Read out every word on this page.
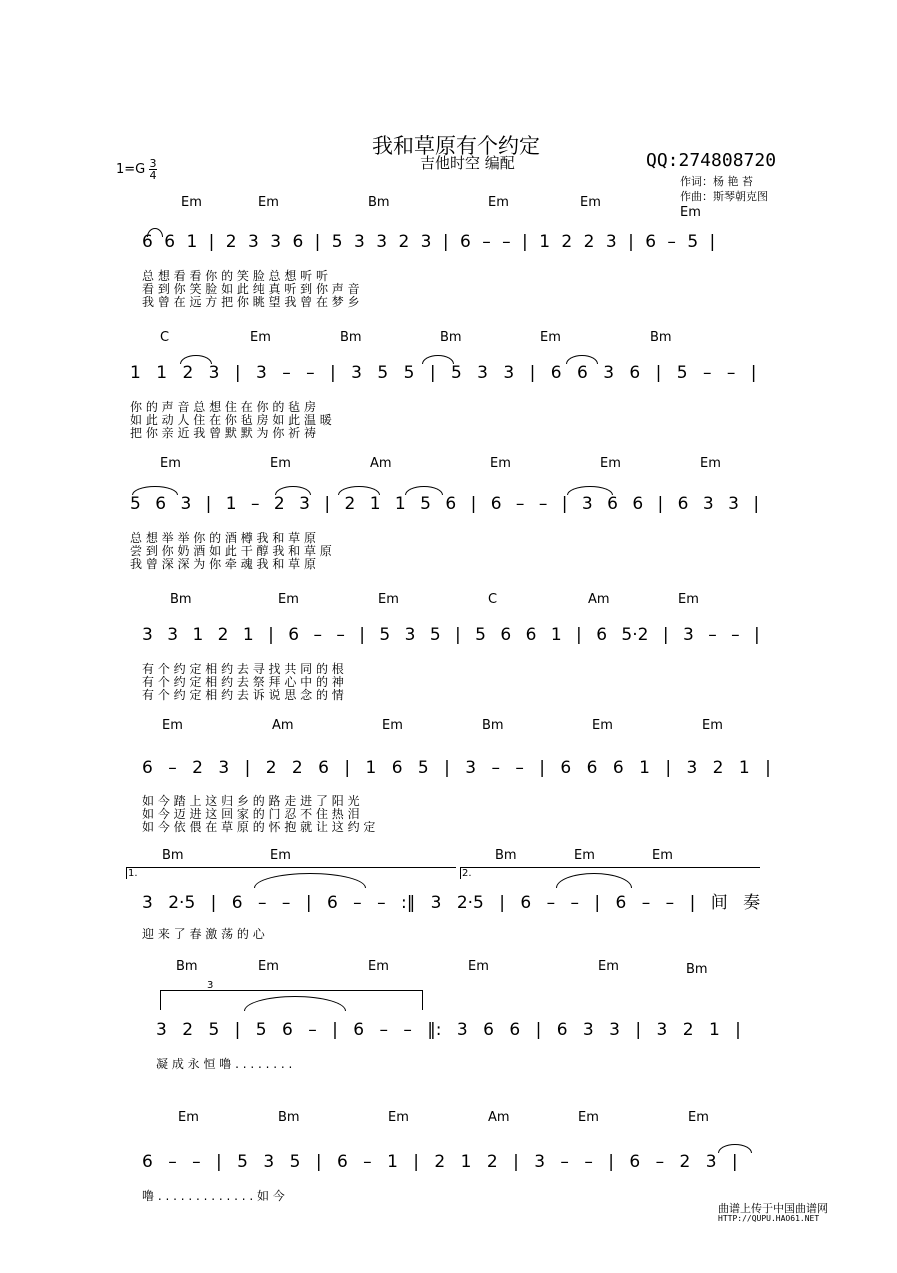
我和草原有个约定
吉他时空 编配	QQ:274808720
作词：杨 艳 苔
作曲：斯琴朝克图
1=G 3
4
Em	Em	Bm	Em	Em
Em
6 6 1 | 2 3 3 6 | 5 3 3 2 3 | 6 – – | 1 2 2 3 | 6 – 5 |
总 想 看 看 你 的 笑 脸 总 想 听 听
看 到 你 笑 脸 如 此 纯 真 听 到 你 声 音
我 曾 在 远 方 把 你 眺 望 我 曾 在 梦 乡
C	Em	Bm	Bm	Em	Bm
1 1 2 3 | 3 – – | 3 5 5 | 5 3 3 | 6 6 3 6 | 5 – – |
你 的 声 音 总 想 住 在 你 的 毡 房
如 此 动 人 住 在 你 毡 房 如 此 温 暖
把 你 亲 近 我 曾 默 默 为 你 祈 祷
Em	Em	Am	Em	Em	Em
5 6 3 | 1 – 2 3 | 2 1 1 5 6 | 6 – – | 3 6 6 | 6 3 3 |
总 想 举 举 你 的 酒 樽 我 和 草 原
尝 到 你 奶 酒 如 此 干 醇 我 和 草 原
我 曾 深 深 为 你 牵 魂 我 和 草 原
Bm	Em	Em	C	Am	Em
3 3 1 2 1 | 6 – – | 5 3 5 | 5 6 6 1 | 6 5·2 | 3 – – |
有 个 约 定 相 约 去 寻 找 共 同 的 根
有 个 约 定 相 约 去 祭 拜 心 中 的 神
有 个 约 定 相 约 去 诉 说 思 念 的 情
Em	Am	Em	Bm	Em	Em
6 – 2 3 | 2 2 6 | 1 6 5 | 3 – – | 6 6 6 1 | 3 2 1 |
如 今 踏 上 这 归 乡 的 路 走 进 了 阳 光
如 今 迈 进 这 回 家 的 门 忍 不 住 热 泪
如 今 依 偎 在 草 原 的 怀 抱 就 让 这 约 定
Bm	Em	Bm	Em	Em
1.	2.
3 2·5 | 6 – – | 6 – – :‖ 3 2·5 | 6 – – | 6 – – | 间 奏
迎 来 了 春 激 荡 的 心
Bm	Em	Em	Em	Em	Bm
3
3 2 5 | 5 6 – | 6 – – ‖: 3 6 6 | 6 3 3 | 3 2 1 |
凝 成 永 恒 噜 . . . . . . . .
Em	Bm	Em	Am	Em	Em
6 – – | 5 3 5 | 6 – 1 | 2 1 2 | 3 – – | 6 – 2 3 |
噜 . . . . . . . . . . . . . 如 今
曲谱上传于中国曲谱网
HTTP://QUPU.HAO61.NET
